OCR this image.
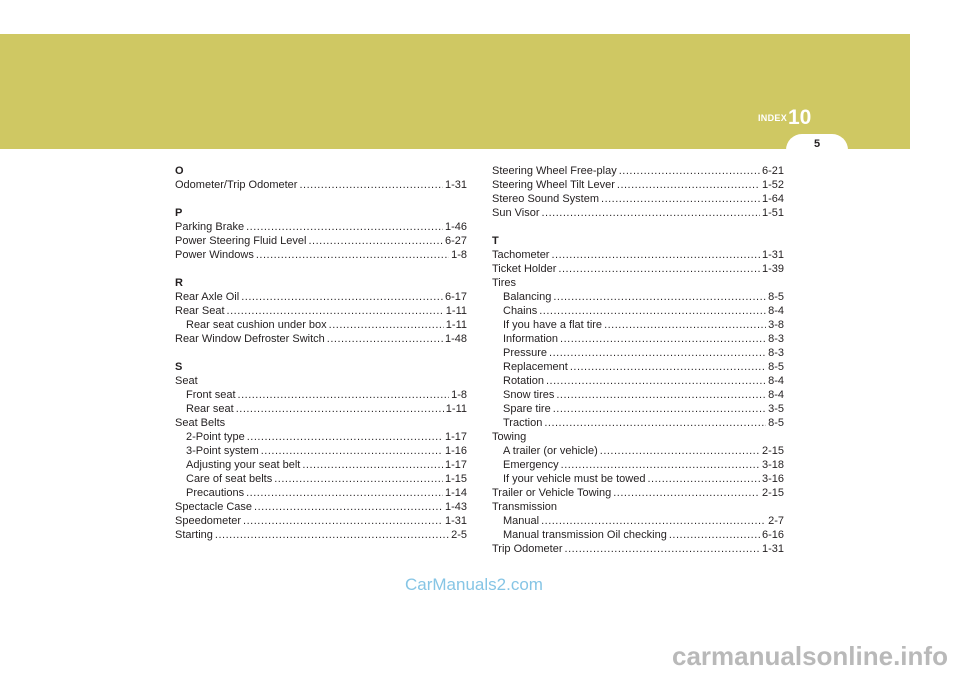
INDEX 10
5
O
Odometer/Trip Odometer .....	1-31
P
Parking Brake .....	1-46
Power Steering Fluid Level .....	6-27
Power Windows .....	1-8
R
Rear Axle Oil .....	6-17
Rear Seat .....	1-11
Rear seat cushion under box .....	1-11
Rear Window Defroster Switch .....	1-48
S
Seat
Front seat .....	1-8
Rear seat .....	1-11
Seat Belts
2-Point type .....	1-17
3-Point system .....	1-16
Adjusting your seat belt .....	1-17
Care of seat belts .....	1-15
Precautions .....	1-14
Spectacle Case .....	1-43
Speedometer .....	1-31
Starting .....	2-5
Steering Wheel Free-play .....	6-21
Steering Wheel Tilt Lever .....	1-52
Stereo Sound System .....	1-64
Sun Visor .....	1-51
T
Tachometer .....	1-31
Ticket Holder .....	1-39
Tires
Balancing .....	8-5
Chains .....	8-4
If you have a flat tire .....	3-8
Information .....	8-3
Pressure .....	8-3
Replacement .....	8-5
Rotation .....	8-4
Snow tires .....	8-4
Spare tire .....	3-5
Traction .....	8-5
Towing
A trailer (or vehicle) .....	2-15
Emergency .....	3-18
If your vehicle must be towed .....	3-16
Trailer or Vehicle Towing .....	2-15
Transmission
Manual .....	2-7
Manual transmission Oil checking .....	6-16
Trip Odometer .....	1-31
CarManuals2.com
carmanualsonline.info
